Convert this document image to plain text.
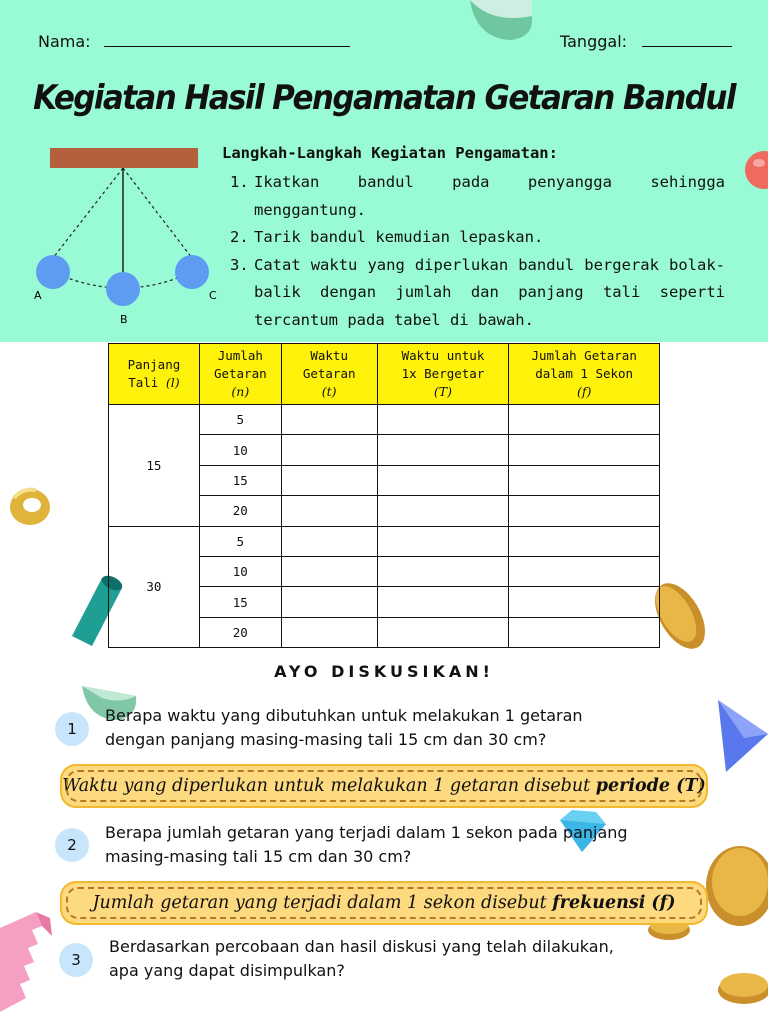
Nama:	Tanggal:
Kegiatan Hasil Pengamatan Getaran Bandul
A
B
C
Langkah-Langkah Kegiatan Pengamatan:
1. Ikatkan bandul pada penyangga sehingga menggantung.
2. Tarik bandul kemudian lepaskan.
3. Catat waktu yang diperlukan bandul bergerak bolak-balik dengan jumlah dan panjang tali seperti tercantum pada tabel di bawah.
Panjang
Tali (l)	Jumlah
Getaran
(n)	Waktu
Getaran
(t)	Waktu untuk
1x Bergetar
(T)	Jumlah Getaran
dalam 1 Sekon
(f)
15	5			
	10			
	15			
	20			
30	5			
	10			
	15			
	20			
AYO DISKUSIKAN!
1
Berapa waktu yang dibutuhkan untuk melakukan 1 getaran
dengan panjang masing-masing tali 15 cm dan 30 cm?
Waktu yang diperlukan untuk melakukan 1 getaran disebut periode (T)
2
Berapa jumlah getaran yang terjadi dalam 1 sekon pada panjang
masing-masing tali 15 cm dan 30 cm?
Jumlah getaran yang terjadi dalam 1 sekon disebut frekuensi (f)
3
Berdasarkan percobaan dan hasil diskusi yang telah dilakukan,
apa yang dapat disimpulkan?
